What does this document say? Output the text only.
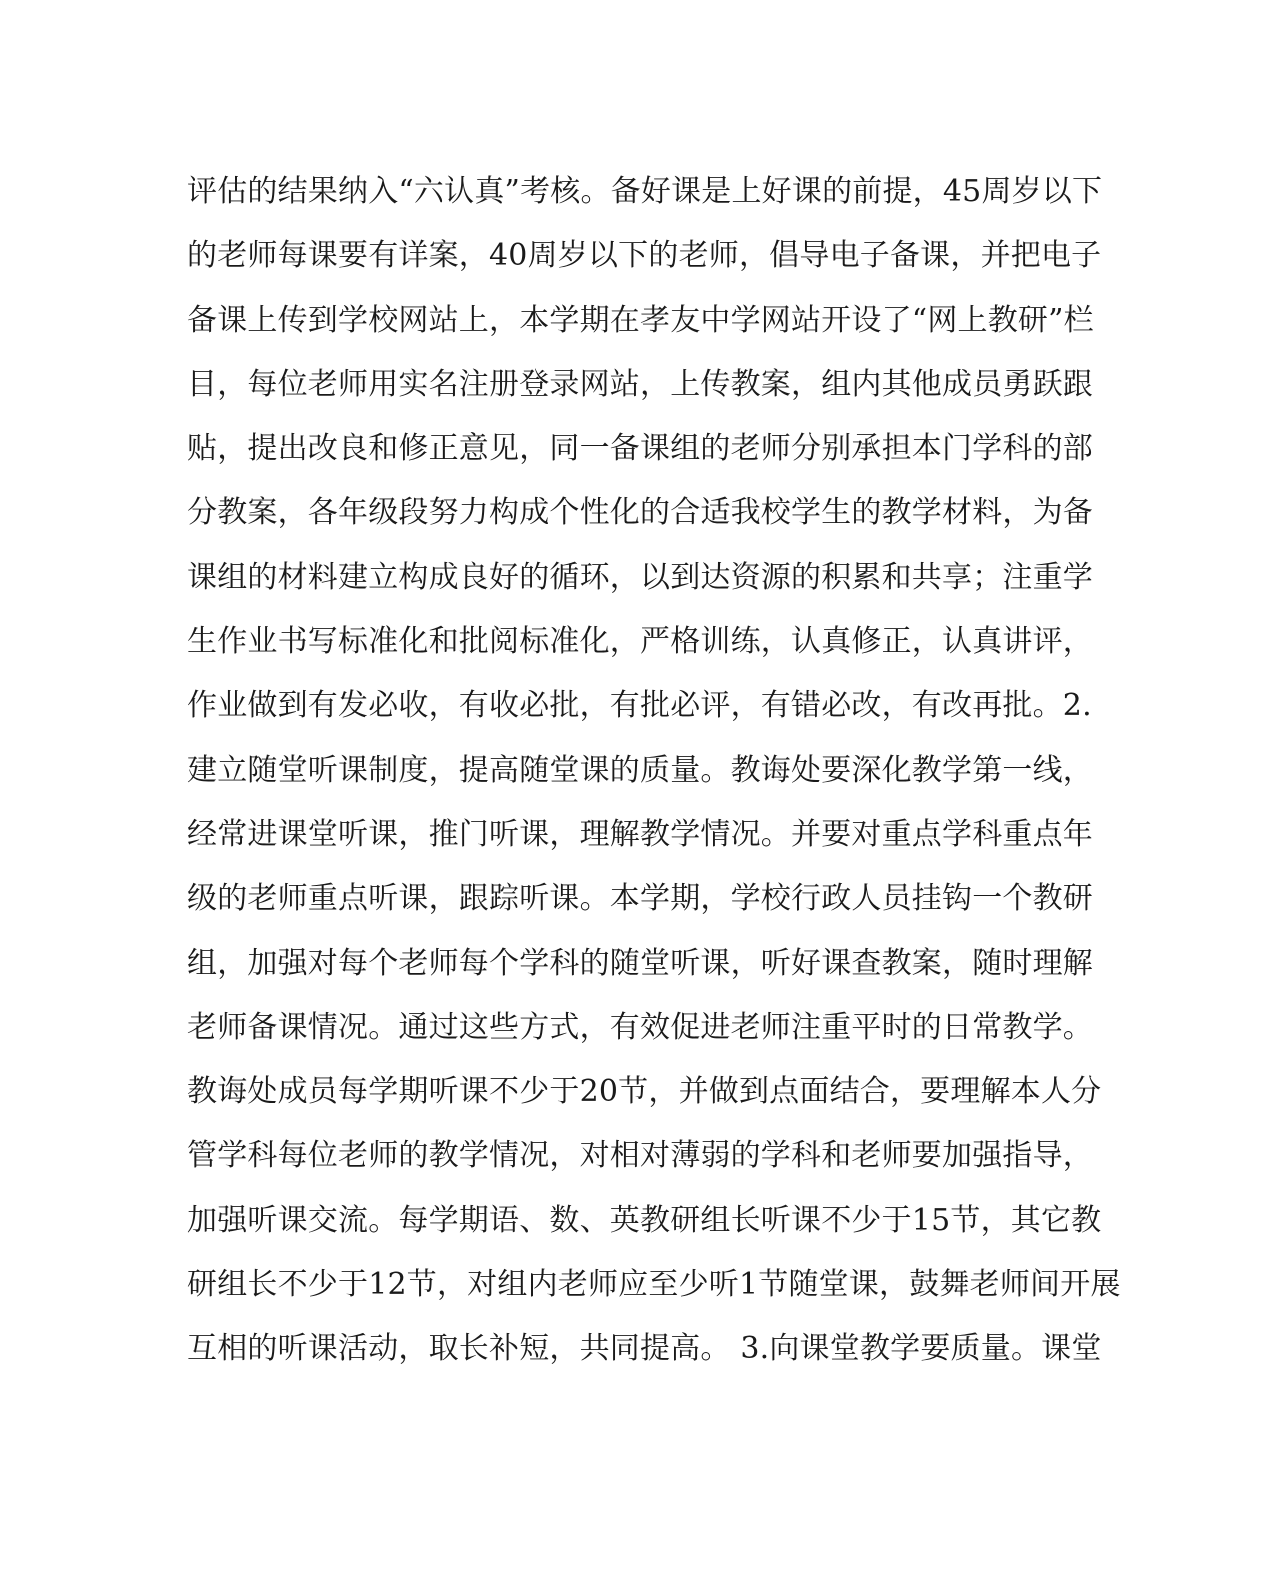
评估的结果纳入“六认真”考核。备好课是上好课的前提，45周岁以下
的老师每课要有详案，40周岁以下的老师，倡导电子备课，并把电子
备课上传到学校网站上，本学期在孝友中学网站开设了“网上教研”栏
目，每位老师用实名注册登录网站，上传教案，组内其他成员勇跃跟
贴，提出改良和修正意见，同一备课组的老师分别承担本门学科的部
分教案，各年级段努力构成个性化的合适我校学生的教学材料，为备
课组的材料建立构成良好的循环，以到达资源的积累和共享；注重学
生作业书写标准化和批阅标准化，严格训练，认真修正，认真讲评，
作业做到有发必收，有收必批，有批必评，有错必改，有改再批。2.
建立随堂听课制度，提高随堂课的质量。教诲处要深化教学第一线，
经常进课堂听课，推门听课，理解教学情况。并要对重点学科重点年
级的老师重点听课，跟踪听课。本学期，学校行政人员挂钩一个教研
组，加强对每个老师每个学科的随堂听课，听好课查教案，随时理解
老师备课情况。通过这些方式，有效促进老师注重平时的日常教学。
教诲处成员每学期听课不少于20节，并做到点面结合，要理解本人分
管学科每位老师的教学情况，对相对薄弱的学科和老师要加强指导，
加强听课交流。每学期语、数、英教研组长听课不少于15节，其它教
研组长不少于12节，对组内老师应至少听1节随堂课，鼓舞老师间开展
互相的听课活动，取长补短，共同提高。 3.向课堂教学要质量。课堂
